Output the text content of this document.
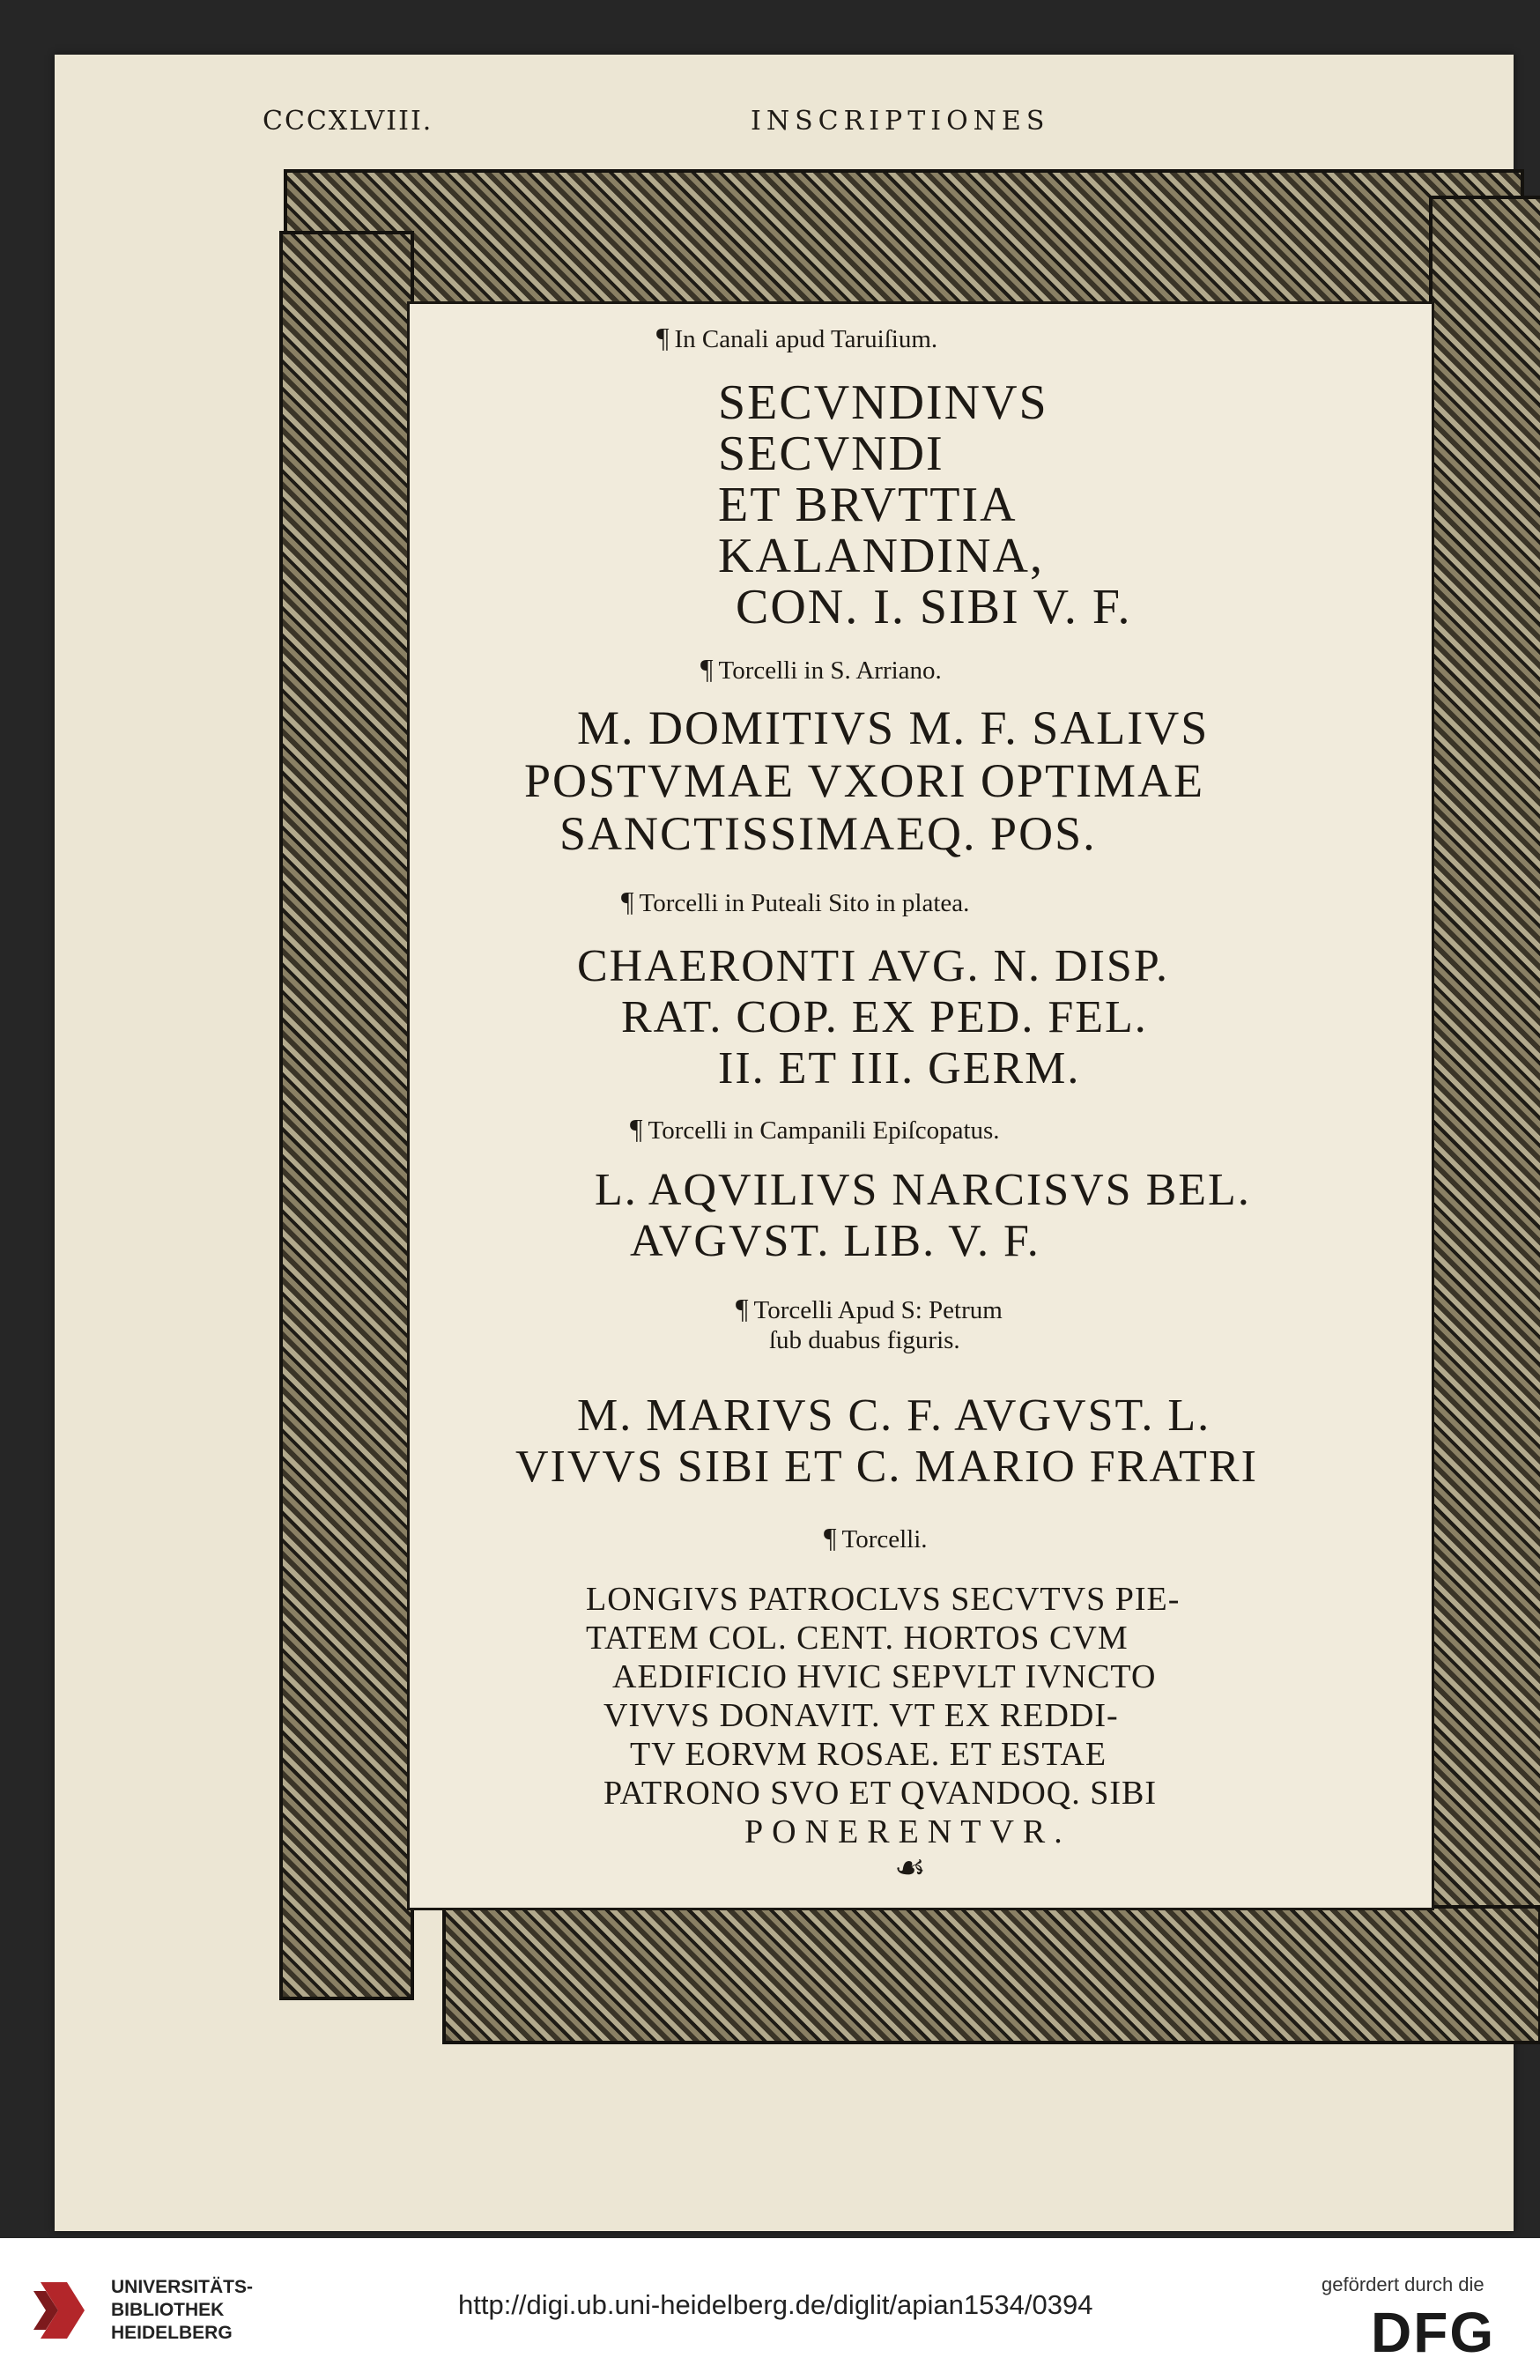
CCCXLVIII.	INSCRIPTIONES
¶ In Canali apud Taruiſium.
SECVNDINVS
SECVNDI
ET BRVTTIA
KALANDINA,
CON. I. SIBI V. F.
¶ Torcelli in S. Arriano.
M. DOMITIVS M. F. SALIVS
POSTVMAE VXORI OPTIMAE
SANCTISSIMAEQ. POS.
¶ Torcelli in Puteali Sito in platea.
CHAERONTI AVG. N. DISP.
RAT. COP. EX PED. FEL.
II. ET III. GERM.
¶ Torcelli in Campanili Epiſcopatus.
L. AQVILIVS NARCISVS BEL.
AVGVST. LIB. V. F.
¶ Torcelli Apud S: Petrum
ſub duabus figuris.
M. MARIVS C. F. AVGVST. L.
VIVVS SIBI ET C. MARIO FRATRI
¶ Torcelli.
LONGIVS PATROCLVS SECVTVS PIE-
TATEM COL. CENT. HORTOS CVM
AEDIFICIO HVIC SEPVLT IVNCTO
VIVVS DONAVIT. VT EX REDDI-
TV EORVM ROSAE. ET ESTAE
PATRONO SVO ET QVANDOQ. SIBI
PONERENTVR.
☙
UNIVERSITÄTS-
BIBLIOTHEK
HEIDELBERG
http://digi.ub.uni-heidelberg.de/diglit/apian1534/0394
gefördert durch die
DFG
